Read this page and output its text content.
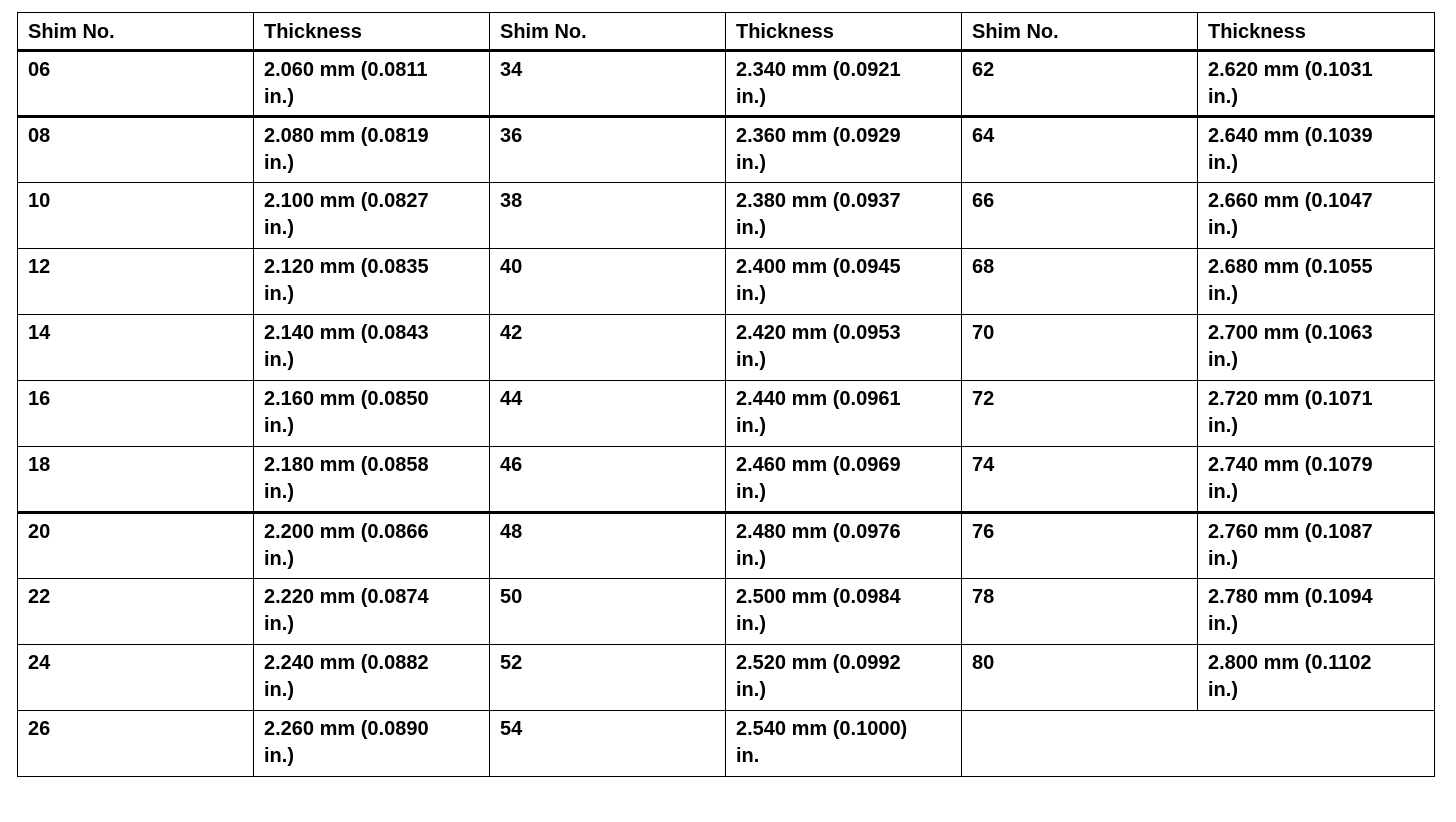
Shim No.	Thickness	Shim No.	Thickness	Shim No.	Thickness
06	2.060 mm (0.0811 in.)	34	2.340 mm (0.0921 in.)	62	2.620 mm (0.1031 in.)

08	2.080 mm (0.0819 in.)	36	2.360 mm (0.0929 in.)	64	2.640 mm (0.1039 in.)

10	2.100 mm (0.0827 in.)	38	2.380 mm (0.0937 in.)	66	2.660 mm (0.1047 in.)

12	2.120 mm (0.0835 in.)	40	2.400 mm (0.0945 in.)	68	2.680 mm (0.1055 in.)

14	2.140 mm (0.0843 in.)	42	2.420 mm (0.0953 in.)	70	2.700 mm (0.1063 in.)

16	2.160 mm (0.0850 in.)	44	2.440 mm (0.0961 in.)	72	2.720 mm (0.1071 in.)

18	2.180 mm (0.0858 in.)	46	2.460 mm (0.0969 in.)	74	2.740 mm (0.1079 in.)

20	2.200 mm (0.0866 in.)	48	2.480 mm (0.0976 in.)	76	2.760 mm (0.1087 in.)

22	2.220 mm (0.0874 in.)	50	2.500 mm (0.0984 in.)	78	2.780 mm (0.1094 in.)

24	2.240 mm (0.0882 in.)	52	2.520 mm (0.0992 in.)	80	2.800 mm (0.1102 in.)

26	2.260 mm (0.0890 in.)	54	2.540 mm (0.1000) in.		
